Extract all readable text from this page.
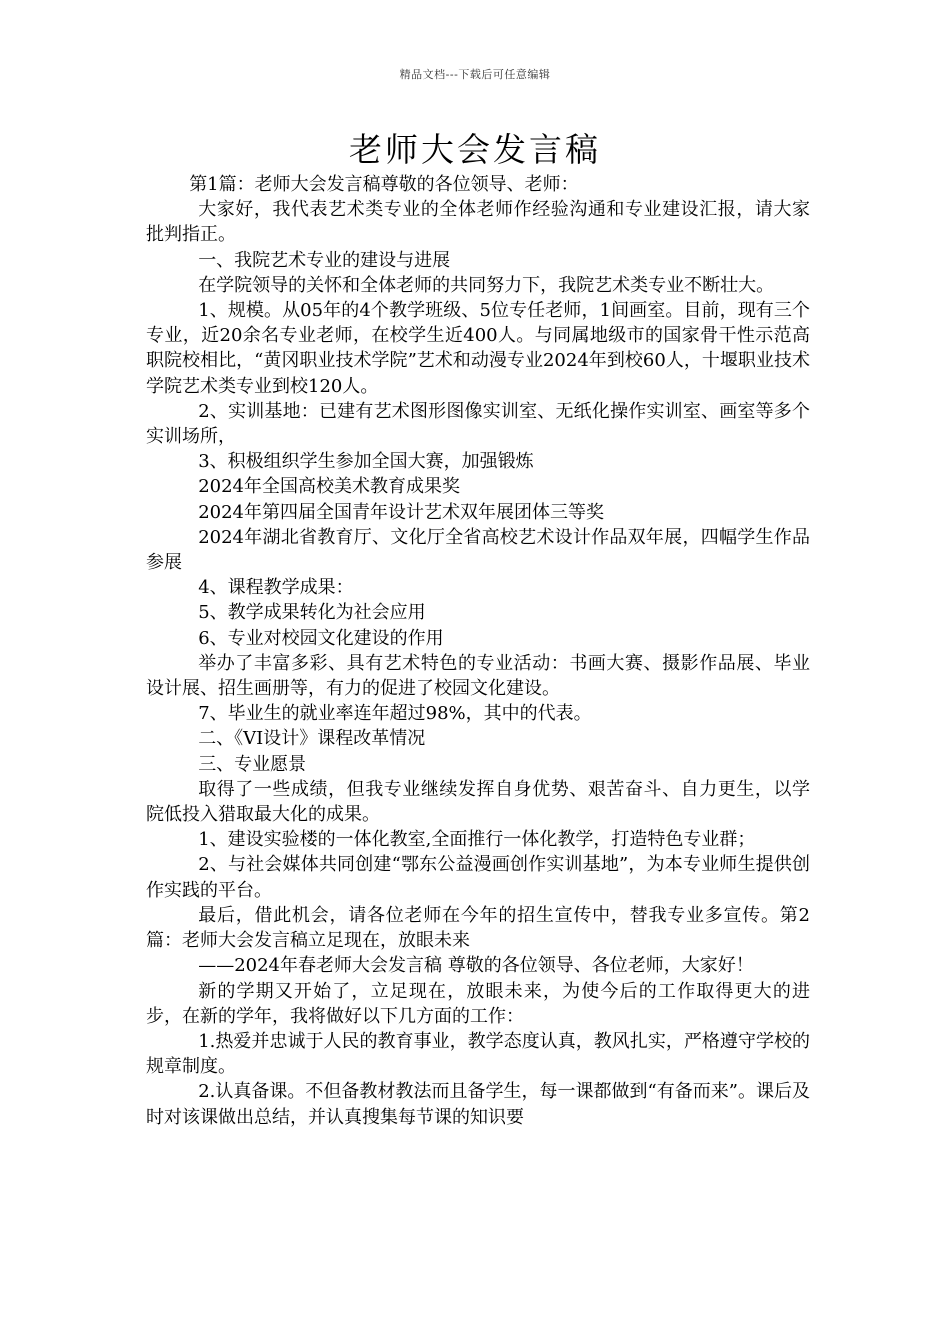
精品文档---下载后可任意编辑
老师大会发言稿

第1篇：老师大会发言稿尊敬的各位领导、老师：

大家好，我代表艺术类专业的全体老师作经验沟通和专业建设汇报，请大家批判指正。

一、我院艺术专业的建设与进展

在学院领导的关怀和全体老师的共同努力下，我院艺术类专业不断壮大。

1、规模。从05年的4个教学班级、5位专任老师，1间画室。目前，现有三个专业，近20余名专业老师，在校学生近400人。与同属地级市的国家骨干性示范高职院校相比，“黄冈职业技术学院”艺术和动漫专业2024年到校60人，十堰职业技术学院艺术类专业到校120人。

2、实训基地：已建有艺术图形图像实训室、无纸化操作实训室、画室等多个实训场所，

3、积极组织学生参加全国大赛，加强锻炼

2024年全国高校美术教育成果奖

2024年第四届全国青年设计艺术双年展团体三等奖

2024年湖北省教育厅、文化厅全省高校艺术设计作品双年展，四幅学生作品参展

4、课程教学成果：

5、教学成果转化为社会应用

6、专业对校园文化建设的作用

举办了丰富多彩、具有艺术特色的专业活动：书画大赛、摄影作品展、毕业设计展、招生画册等，有力的促进了校园文化建设。

7、毕业生的就业率连年超过98%，其中的代表。

二、《VI设计》课程改革情况

三、专业愿景

取得了一些成绩，但我专业继续发挥自身优势、艰苦奋斗、自力更生，以学院低投入猎取最大化的成果。

1、建设实验楼的一体化教室,全面推行一体化教学，打造特色专业群；

2、与社会媒体共同创建“鄂东公益漫画创作实训基地”，为本专业师生提供创作实践的平台。

最后，借此机会，请各位老师在今年的招生宣传中，替我专业多宣传。第2篇：老师大会发言稿立足现在，放眼未来

——2024年春老师大会发言稿 尊敬的各位领导、各位老师，大家好！

新的学期又开始了，立足现在，放眼未来，为使今后的工作取得更大的进步，在新的学年，我将做好以下几方面的工作：

1.热爱并忠诚于人民的教育事业，教学态度认真，教风扎实，严格遵守学校的规章制度。

2.认真备课。不但备教材教法而且备学生，每一课都做到“有备而来”。课后及时对该课做出总结，并认真搜集每节课的知识要
